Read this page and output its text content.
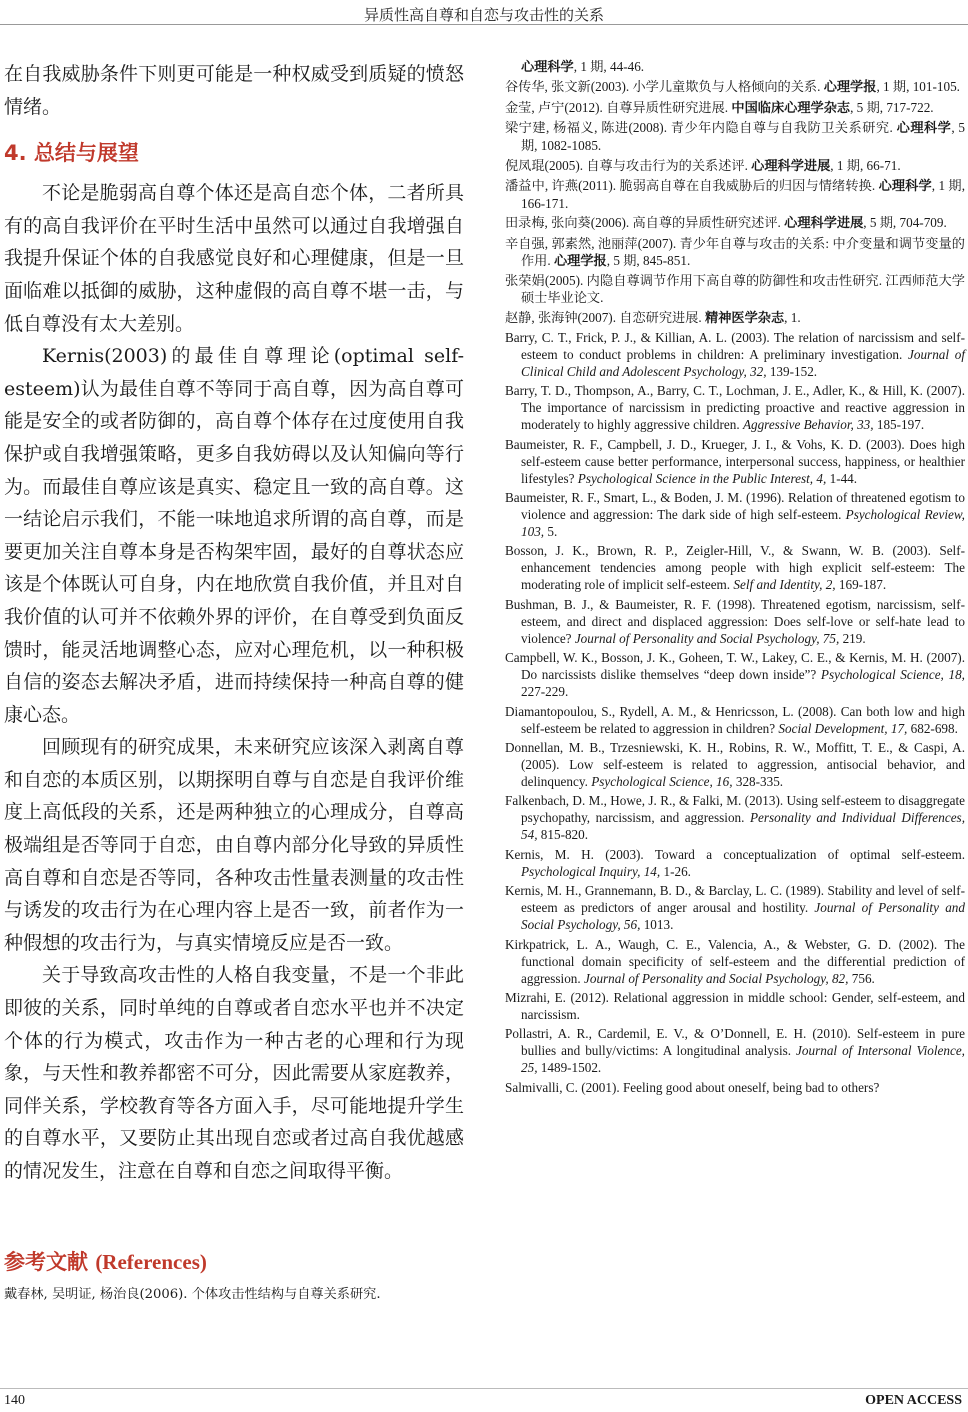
异质性高自尊和自恋与攻击性的关系

在自我威胁条件下则更可能是一种权威受到质疑的愤怒情绪。

4. 总结与展望

不论是脆弱高自尊个体还是高自恋个体，二者所具有的高自我评价在平时生活中虽然可以通过自我增强自我提升保证个体的自我感觉良好和心理健康，但是一旦面临难以抵御的威胁，这种虚假的高自尊不堪一击，与低自尊没有太大差别。

Kernis(2003)的最佳自尊理论(optimal self-esteem)认为最佳自尊不等同于高自尊，因为高自尊可能是安全的或者防御的，高自尊个体存在过度使用自我保护或自我增强策略，更多自我妨碍以及认知偏向等行为。而最佳自尊应该是真实、稳定且一致的高自尊。这一结论启示我们，不能一味地追求所谓的高自尊，而是要更加关注自尊本身是否构架牢固，最好的自尊状态应该是个体既认可自身，内在地欣赏自我价值，并且对自我价值的认可并不依赖外界的评价，在自尊受到负面反馈时，能灵活地调整心态，应对心理危机，以一种积极自信的姿态去解决矛盾，进而持续保持一种高自尊的健康心态。

回顾现有的研究成果，未来研究应该深入剥离自尊和自恋的本质区别，以期探明自尊与自恋是自我评价维度上高低段的关系，还是两种独立的心理成分，自尊高极端组是否等同于自恋，由自尊内部分化导致的异质性高自尊和自恋是否等同，各种攻击性量表测量的攻击性与诱发的攻击行为在心理内容上是否一致，前者作为一种假想的攻击行为，与真实情境反应是否一致。

关于导致高攻击性的人格自我变量，不是一个非此即彼的关系，同时单纯的自尊或者自恋水平也并不决定个体的行为模式，攻击作为一种古老的心理和行为现象，与天性和教养都密不可分，因此需要从家庭教养，同伴关系，学校教育等各方面入手，尽可能地提升学生的自尊水平，又要防止其出现自恋或者过高自我优越感的情况发生，注意在自尊和自恋之间取得平衡。

参考文献 (References)

戴春林, 吴明证, 杨治良(2006). 个体攻击性结构与自尊关系研究.

心理科学, 1 期, 44-46.

谷传华, 张文新(2003). 小学儿童欺负与人格倾向的关系. 心理学报, 1 期, 101-105.

金莹, 卢宁(2012). 自尊异质性研究进展. 中国临床心理学杂志, 5 期, 717-722.

梁宁建, 杨福义, 陈进(2008). 青少年内隐自尊与自我防卫关系研究. 心理科学, 5 期, 1082-1085.

倪凤琨(2005). 自尊与攻击行为的关系述评. 心理科学进展, 1 期, 66-71.

潘益中, 许燕(2011). 脆弱高自尊在自我威胁后的归因与情绪转换. 心理科学, 1 期, 166-171.

田录梅, 张向葵(2006). 高自尊的异质性研究述评. 心理科学进展, 5 期, 704-709.

辛自强, 郭素然, 池丽萍(2007). 青少年自尊与攻击的关系: 中介变量和调节变量的作用. 心理学报, 5 期, 845-851.

张荣娟(2005). 内隐自尊调节作用下高自尊的防御性和攻击性研究. 江西师范大学硕士毕业论文.

赵静, 张海钟(2007). 自恋研究进展. 精神医学杂志, 1.

Barry, C. T., Frick, P. J., & Killian, A. L. (2003). The relation of narcissism and self-esteem to conduct problems in children: A preliminary investigation. Journal of Clinical Child and Adolescent Psychology, 32, 139-152.

Barry, T. D., Thompson, A., Barry, C. T., Lochman, J. E., Adler, K., & Hill, K. (2007). The importance of narcissism in predicting proactive and reactive aggression in moderately to highly aggressive children. Aggressive Behavior, 33, 185-197.

Baumeister, R. F., Campbell, J. D., Krueger, J. I., & Vohs, K. D. (2003). Does high self-esteem cause better performance, interpersonal success, happiness, or healthier lifestyles? Psychological Science in the Public Interest, 4, 1-44.

Baumeister, R. F., Smart, L., & Boden, J. M. (1996). Relation of threatened egotism to violence and aggression: The dark side of high self-esteem. Psychological Review, 103, 5.

Bosson, J. K., Brown, R. P., Zeigler-Hill, V., & Swann, W. B. (2003). Self-enhancement tendencies among people with high explicit self-esteem: The moderating role of implicit self-esteem. Self and Identity, 2, 169-187.

Bushman, B. J., & Baumeister, R. F. (1998). Threatened egotism, narcissism, self-esteem, and direct and displaced aggression: Does self-love or self-hate lead to violence? Journal of Personality and Social Psychology, 75, 219.

Campbell, W. K., Bosson, J. K., Goheen, T. W., Lakey, C. E., & Kernis, M. H. (2007). Do narcissists dislike themselves “deep down inside”? Psychological Science, 18, 227-229.

Diamantopoulou, S., Rydell, A. M., & Henricsson, L. (2008). Can both low and high self-esteem be related to aggression in children? Social Development, 17, 682-698.

Donnellan, M. B., Trzesniewski, K. H., Robins, R. W., Moffitt, T. E., & Caspi, A. (2005). Low self-esteem is related to aggression, antisocial behavior, and delinquency. Psychological Science, 16, 328-335.

Falkenbach, D. M., Howe, J. R., & Falki, M. (2013). Using self-esteem to disaggregate psychopathy, narcissism, and aggression. Personality and Individual Differences, 54, 815-820.

Kernis, M. H. (2003). Toward a conceptualization of optimal self-esteem. Psychological Inquiry, 14, 1-26.

Kernis, M. H., Grannemann, B. D., & Barclay, L. C. (1989). Stability and level of self-esteem as predictors of anger arousal and hostility. Journal of Personality and Social Psychology, 56, 1013.

Kirkpatrick, L. A., Waugh, C. E., Valencia, A., & Webster, G. D. (2002). The functional domain specificity of self-esteem and the differential prediction of aggression. Journal of Personality and Social Psychology, 82, 756.

Mizrahi, E. (2012). Relational aggression in middle school: Gender, self-esteem, and narcissism.

Pollastri, A. R., Cardemil, E. V., & O’Donnell, E. H. (2010). Self-esteem in pure bullies and bully/victims: A longitudinal analysis. Journal of Intersonal Violence, 25, 1489-1502.

Salmivalli, C. (2001). Feeling good about oneself, being bad to others?

140	OPEN ACCESS
